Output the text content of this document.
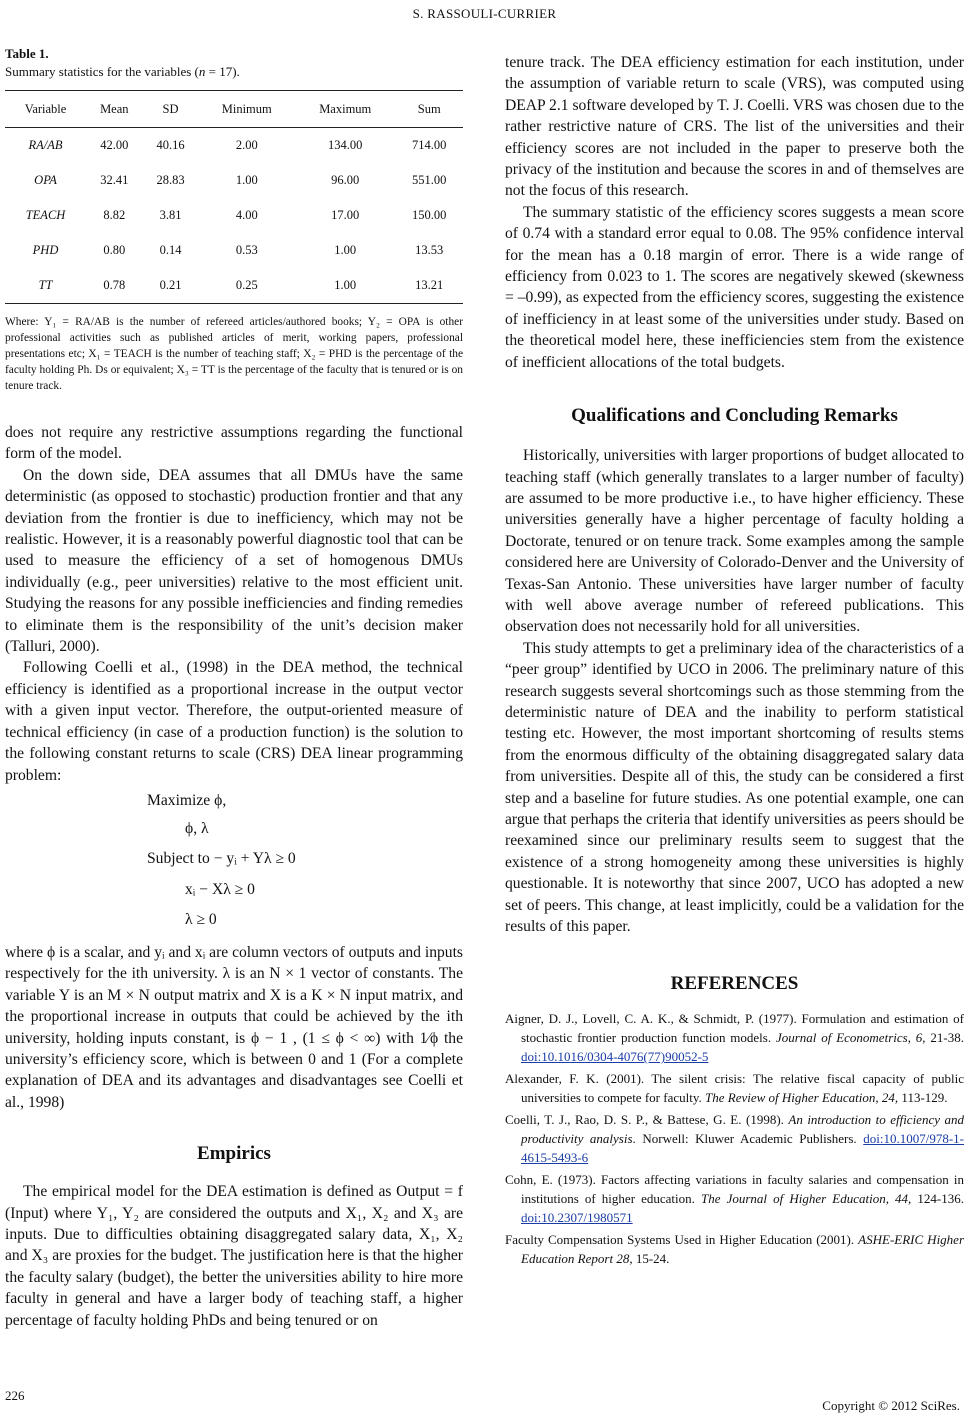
S. RASSOULI-CURRIER

Table 1.

Summary statistics for the variables (n = 17).

Variable	Mean	SD	Minimum	Maximum	Sum
RA/AB	42.00	40.16	2.00	134.00	714.00
OPA	32.41	28.83	1.00	96.00	551.00
TEACH	8.82	3.81	4.00	17.00	150.00
PHD	0.80	0.14	0.53	1.00	13.53
TT	0.78	0.21	0.25	1.00	13.21

Where: Y₁ = RA/AB is the number of refereed articles/authored books; Y₂ = OPA is other professional activities such as published articles of merit, working papers, professional presentations etc; X₁ = TEACH is the number of teaching staff; X₂ = PHD is the percentage of the faculty holding Ph. Ds or equivalent; X₃ = TT is the percentage of the faculty that is tenured or is on tenure track.

does not require any restrictive assumptions regarding the functional form of the model.

On the down side, DEA assumes that all DMUs have the same deterministic (as opposed to stochastic) production frontier and that any deviation from the frontier is due to inefficiency, which may not be realistic. However, it is a reasonably powerful diagnostic tool that can be used to measure the efficiency of a set of homogenous DMUs individually (e.g., peer universities) relative to the most efficient unit. Studying the reasons for any possible inefficiencies and finding remedies to eliminate them is the responsibility of the unit’s decision maker (Talluri, 2000).

Following Coelli et al., (1998) in the DEA method, the technical efficiency is identified as a proportional increase in the output vector with a given input vector. Therefore, the output-oriented measure of technical efficiency (in case of a production function) is the solution to the following constant returns to scale (CRS) DEA linear programming problem:

Maximize ϕ,
ϕ, λ
Subject to − yᵢ + Yλ ≥ 0
xᵢ − Xλ ≥ 0
λ ≥ 0

where ϕ is a scalar, and yᵢ and xᵢ are column vectors of outputs and inputs respectively for the ith university. λ is an N × 1 vector of constants. The variable Y is an M × N output matrix and X is a K × N input matrix, and the proportional increase in outputs that could be achieved by the ith university, holding inputs constant, is ϕ − 1 , (1 ≤ ϕ < ∞) with 1⁄ϕ the university’s efficiency score, which is between 0 and 1 (For a complete explanation of DEA and its advantages and disadvantages see Coelli et al., 1998)

Empirics

The empirical model for the DEA estimation is defined as Output = f (Input) where Y₁, Y₂ are considered the outputs and X₁, X₂ and X₃ are inputs. Due to difficulties obtaining disaggregated salary data, X₁, X₂ and X₃ are proxies for the budget. The justification here is that the higher the faculty salary (budget), the better the universities ability to hire more faculty in general and have a larger body of teaching staff, a higher percentage of faculty holding PhDs and being tenured or on

tenure track. The DEA efficiency estimation for each institution, under the assumption of variable return to scale (VRS), was computed using DEAP 2.1 software developed by T. J. Coelli. VRS was chosen due to the rather restrictive nature of CRS. The list of the universities and their efficiency scores are not included in the paper to preserve both the privacy of the institution and because the scores in and of themselves are not the focus of this research.

The summary statistic of the efficiency scores suggests a mean score of 0.74 with a standard error equal to 0.08. The 95% confidence interval for the mean has a 0.18 margin of error. There is a wide range of efficiency from 0.023 to 1. The scores are negatively skewed (skewness = –0.99), as expected from the efficiency scores, suggesting the existence of inefficiency in at least some of the universities under study. Based on the theoretical model here, these inefficiencies stem from the existence of inefficient allocations of the total budgets.

Qualifications and Concluding Remarks

Historically, universities with larger proportions of budget allocated to teaching staff (which generally translates to a larger number of faculty) are assumed to be more productive i.e., to have higher efficiency. These universities generally have a higher percentage of faculty holding a Doctorate, tenured or on tenure track. Some examples among the sample considered here are University of Colorado-Denver and the University of Texas-San Antonio. These universities have larger number of faculty with well above average number of refereed publications. This observation does not necessarily hold for all universities.

This study attempts to get a preliminary idea of the characteristics of a “peer group” identified by UCO in 2006. The preliminary nature of this research suggests several shortcomings such as those stemming from the deterministic nature of DEA and the inability to perform statistical testing etc. However, the most important shortcoming of results stems from the enormous difficulty of the obtaining disaggregated salary data from universities. Despite all of this, the study can be considered a first step and a baseline for future studies. As one potential example, one can argue that perhaps the criteria that identify universities as peers should be reexamined since our preliminary results seem to suggest that the existence of a strong homogeneity among these universities is highly questionable. It is noteworthy that since 2007, UCO has adopted a new set of peers. This change, at least implicitly, could be a validation for the results of this paper.

REFERENCES

Aigner, D. J., Lovell, C. A. K., & Schmidt, P. (1977). Formulation and estimation of stochastic frontier production function models. Journal of Econometrics, 6, 21-38. doi:10.1016/0304-4076(77)90052-5

Alexander, F. K. (2001). The silent crisis: The relative fiscal capacity of public universities to compete for faculty. The Review of Higher Education, 24, 113-129.

Coelli, T. J., Rao, D. S. P., & Battese, G. E. (1998). An introduction to efficiency and productivity analysis. Norwell: Kluwer Academic Publishers. doi:10.1007/978-1-4615-5493-6

Cohn, E. (1973). Factors affecting variations in faculty salaries and compensation in institutions of higher education. The Journal of Higher Education, 44, 124-136. doi:10.2307/1980571

Faculty Compensation Systems Used in Higher Education (2001). ASHE-ERIC Higher Education Report 28, 15-24.

226
Copyright © 2012 SciRes.
